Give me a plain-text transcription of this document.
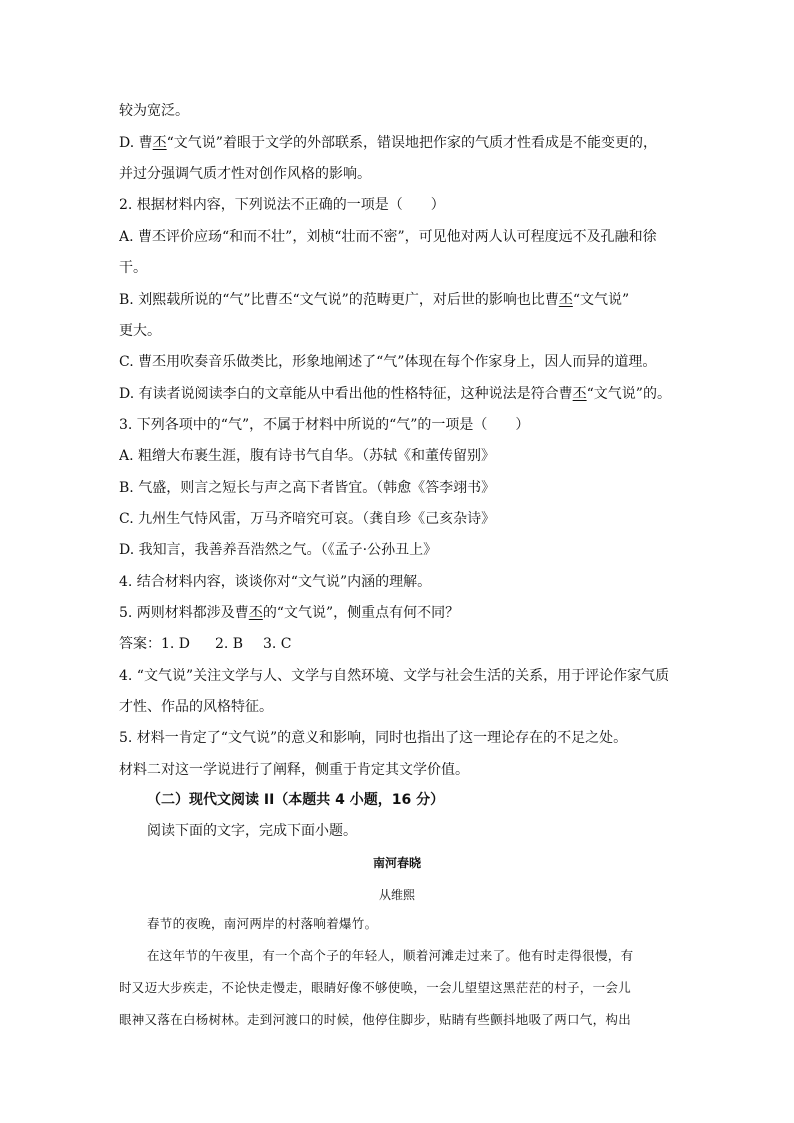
较为宽泛。
D. 曹丕“文气说”着眼于文学的外部联系，错误地把作家的气质才性看成是不能变更的，
并过分强调气质才性对创作风格的影响。
2. 根据材料内容，下列说法不正确的一项是（　　）
A. 曹丕评价应玚“和而不壮”，刘桢“壮而不密”，可见他对两人认可程度远不及孔融和徐
干。
B. 刘熙载所说的“气”比曹丕“文气说”的范畴更广，对后世的影响也比曹丕“文气说”
更大。
C. 曹丕用吹奏音乐做类比，形象地阐述了“气”体现在每个作家身上，因人而异的道理。
D. 有读者说阅读李白的文章能从中看出他的性格特征，这种说法是符合曹丕“文气说”的。
3. 下列各项中的“气”，不属于材料中所说的“气”的一项是（　　）
A. 粗缯大布裹生涯，腹有诗书气自华。（苏轼《和董传留别》
B. 气盛，则言之短长与声之高下者皆宜。（韩愈《答李翊书》
C. 九州生气恃风雷，万马齐喑究可哀。（龚自珍《己亥杂诗》
D. 我知言，我善养吾浩然之气。（《孟子·公孙丑上》
4. 结合材料内容，谈谈你对“文气说”内涵的理解。
5. 两则材料都涉及曹丕的“文气说”，侧重点有何不同？
答案：1. D 2. B 3. C
4. “文气说”关注文学与人、文学与自然环境、文学与社会生活的关系，用于评论作家气质
才性、作品的风格特征。
5. 材料一肯定了“文气说”的意义和影响，同时也指出了这一理论存在的不足之处。
材料二对这一学说进行了阐释，侧重于肯定其文学价值。
（二）现代文阅读 II（本题共 4 小题，16 分）
阅读下面的文字，完成下面小题。
南河春晓
从维熙
春节的夜晚，南河两岸的村落响着爆竹。
在这年节的午夜里，有一个高个子的年轻人，顺着河滩走过来了。他有时走得很慢，有
时又迈大步疾走，不论快走慢走，眼睛好像不够使唤，一会儿望望这黑茫茫的村子，一会儿
眼神又落在白杨树林。走到河渡口的时候，他停住脚步，贴睛有些颤抖地吸了两口气，构出
